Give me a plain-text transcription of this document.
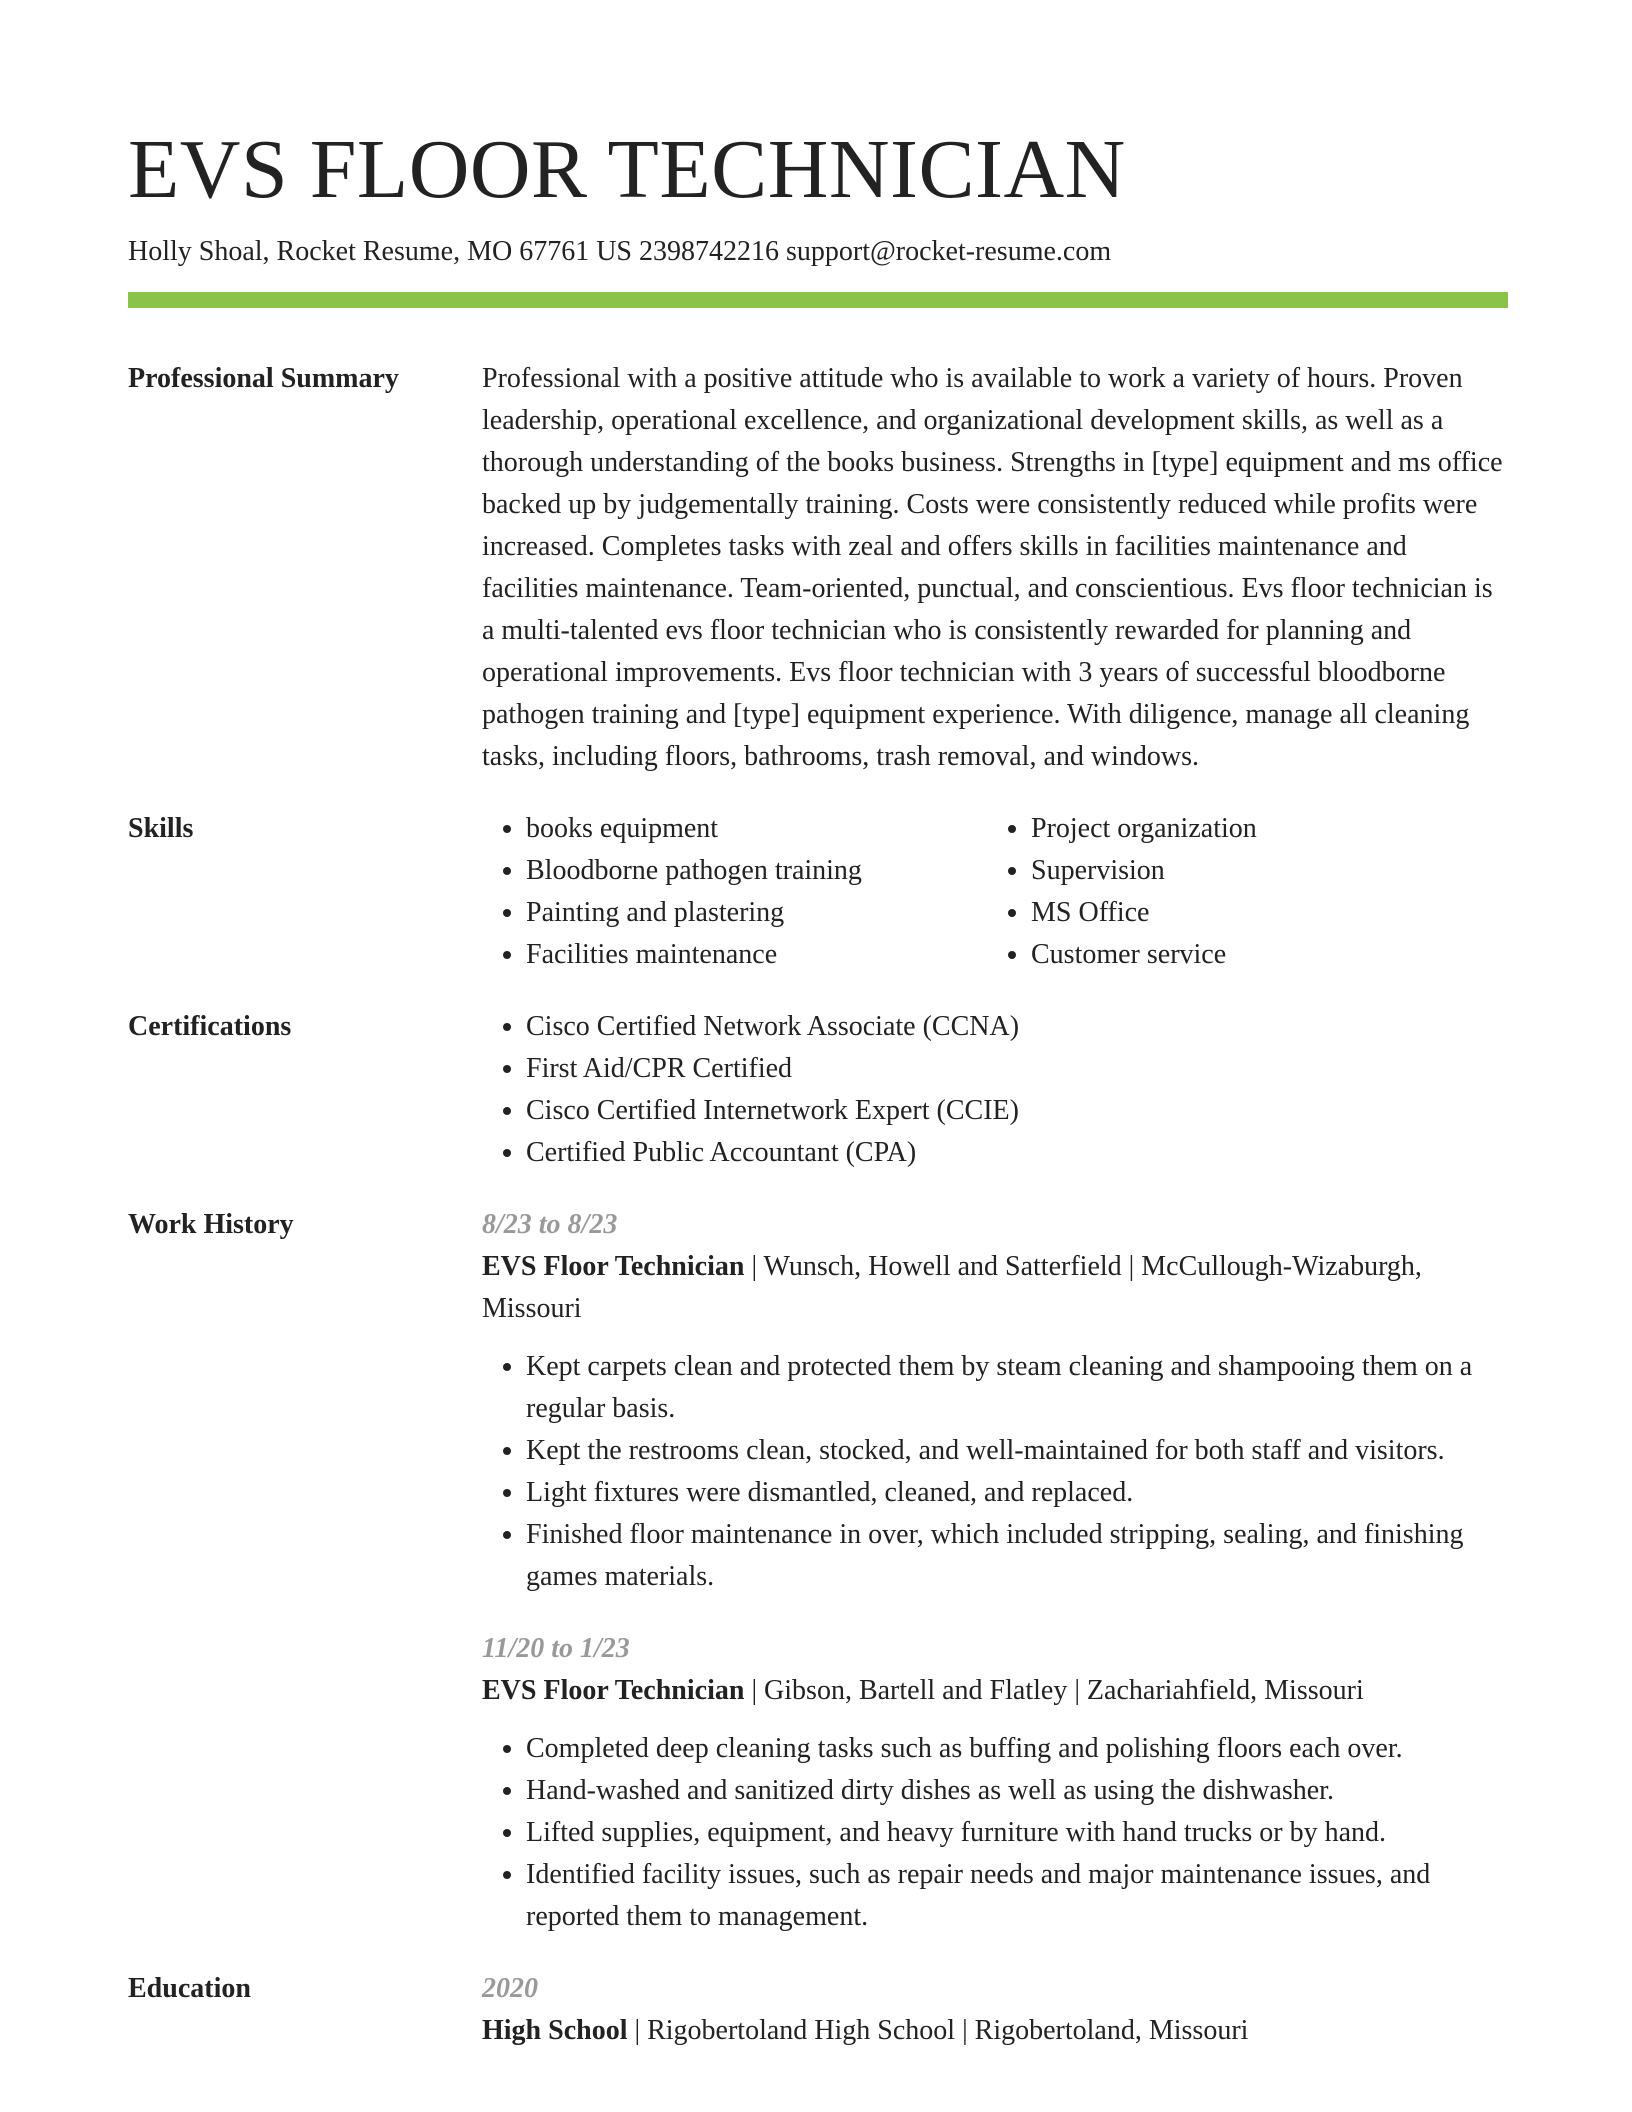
EVS FLOOR TECHNICIAN
Holly Shoal, Rocket Resume, MO 67761 US 2398742216 support@rocket-resume.com
Professional Summary	Professional with a positive attitude who is available to work a variety of hours. Proven leadership, operational excellence, and organizational development skills, as well as a thorough understanding of the books business. Strengths in [type] equipment and ms office backed up by judgementally training. Costs were consistently reduced while profits were increased. Completes tasks with zeal and offers skills in facilities maintenance and facilities maintenance. Team-oriented, punctual, and conscientious. Evs floor technician is a multi-talented evs floor technician who is consistently rewarded for planning and operational improvements. Evs floor technician with 3 years of successful bloodborne pathogen training and [type] equipment experience. With diligence, manage all cleaning tasks, including floors, bathrooms, trash removal, and windows.

Skills	• books equipment
• Bloodborne pathogen training
• Painting and plastering
• Facilities maintenance
• Project organization
• Supervision
• MS Office
• Customer service
Certifications	• Cisco Certified Network Associate (CCNA)
• First Aid/CPR Certified
• Cisco Certified Internetwork Expert (CCIE)
• Certified Public Accountant (CPA)
Work History	8/23 to 8/23
EVS Floor Technician | Wunsch, Howell and Satterfield | McCullough-Wizaburgh, Missouri
• Kept carpets clean and protected them by steam cleaning and shampooing them on a regular basis.
• Kept the restrooms clean, stocked, and well-maintained for both staff and visitors.
• Light fixtures were dismantled, cleaned, and replaced.
• Finished floor maintenance in over, which included stripping, sealing, and finishing games materials.
11/20 to 1/23
EVS Floor Technician | Gibson, Bartell and Flatley | Zachariahfield, Missouri
• Completed deep cleaning tasks such as buffing and polishing floors each over.
• Hand-washed and sanitized dirty dishes as well as using the dishwasher.
• Lifted supplies, equipment, and heavy furniture with hand trucks or by hand.
• Identified facility issues, such as repair needs and major maintenance issues, and reported them to management.
Education	2020
High School | Rigobertoland High School | Rigobertoland, Missouri
